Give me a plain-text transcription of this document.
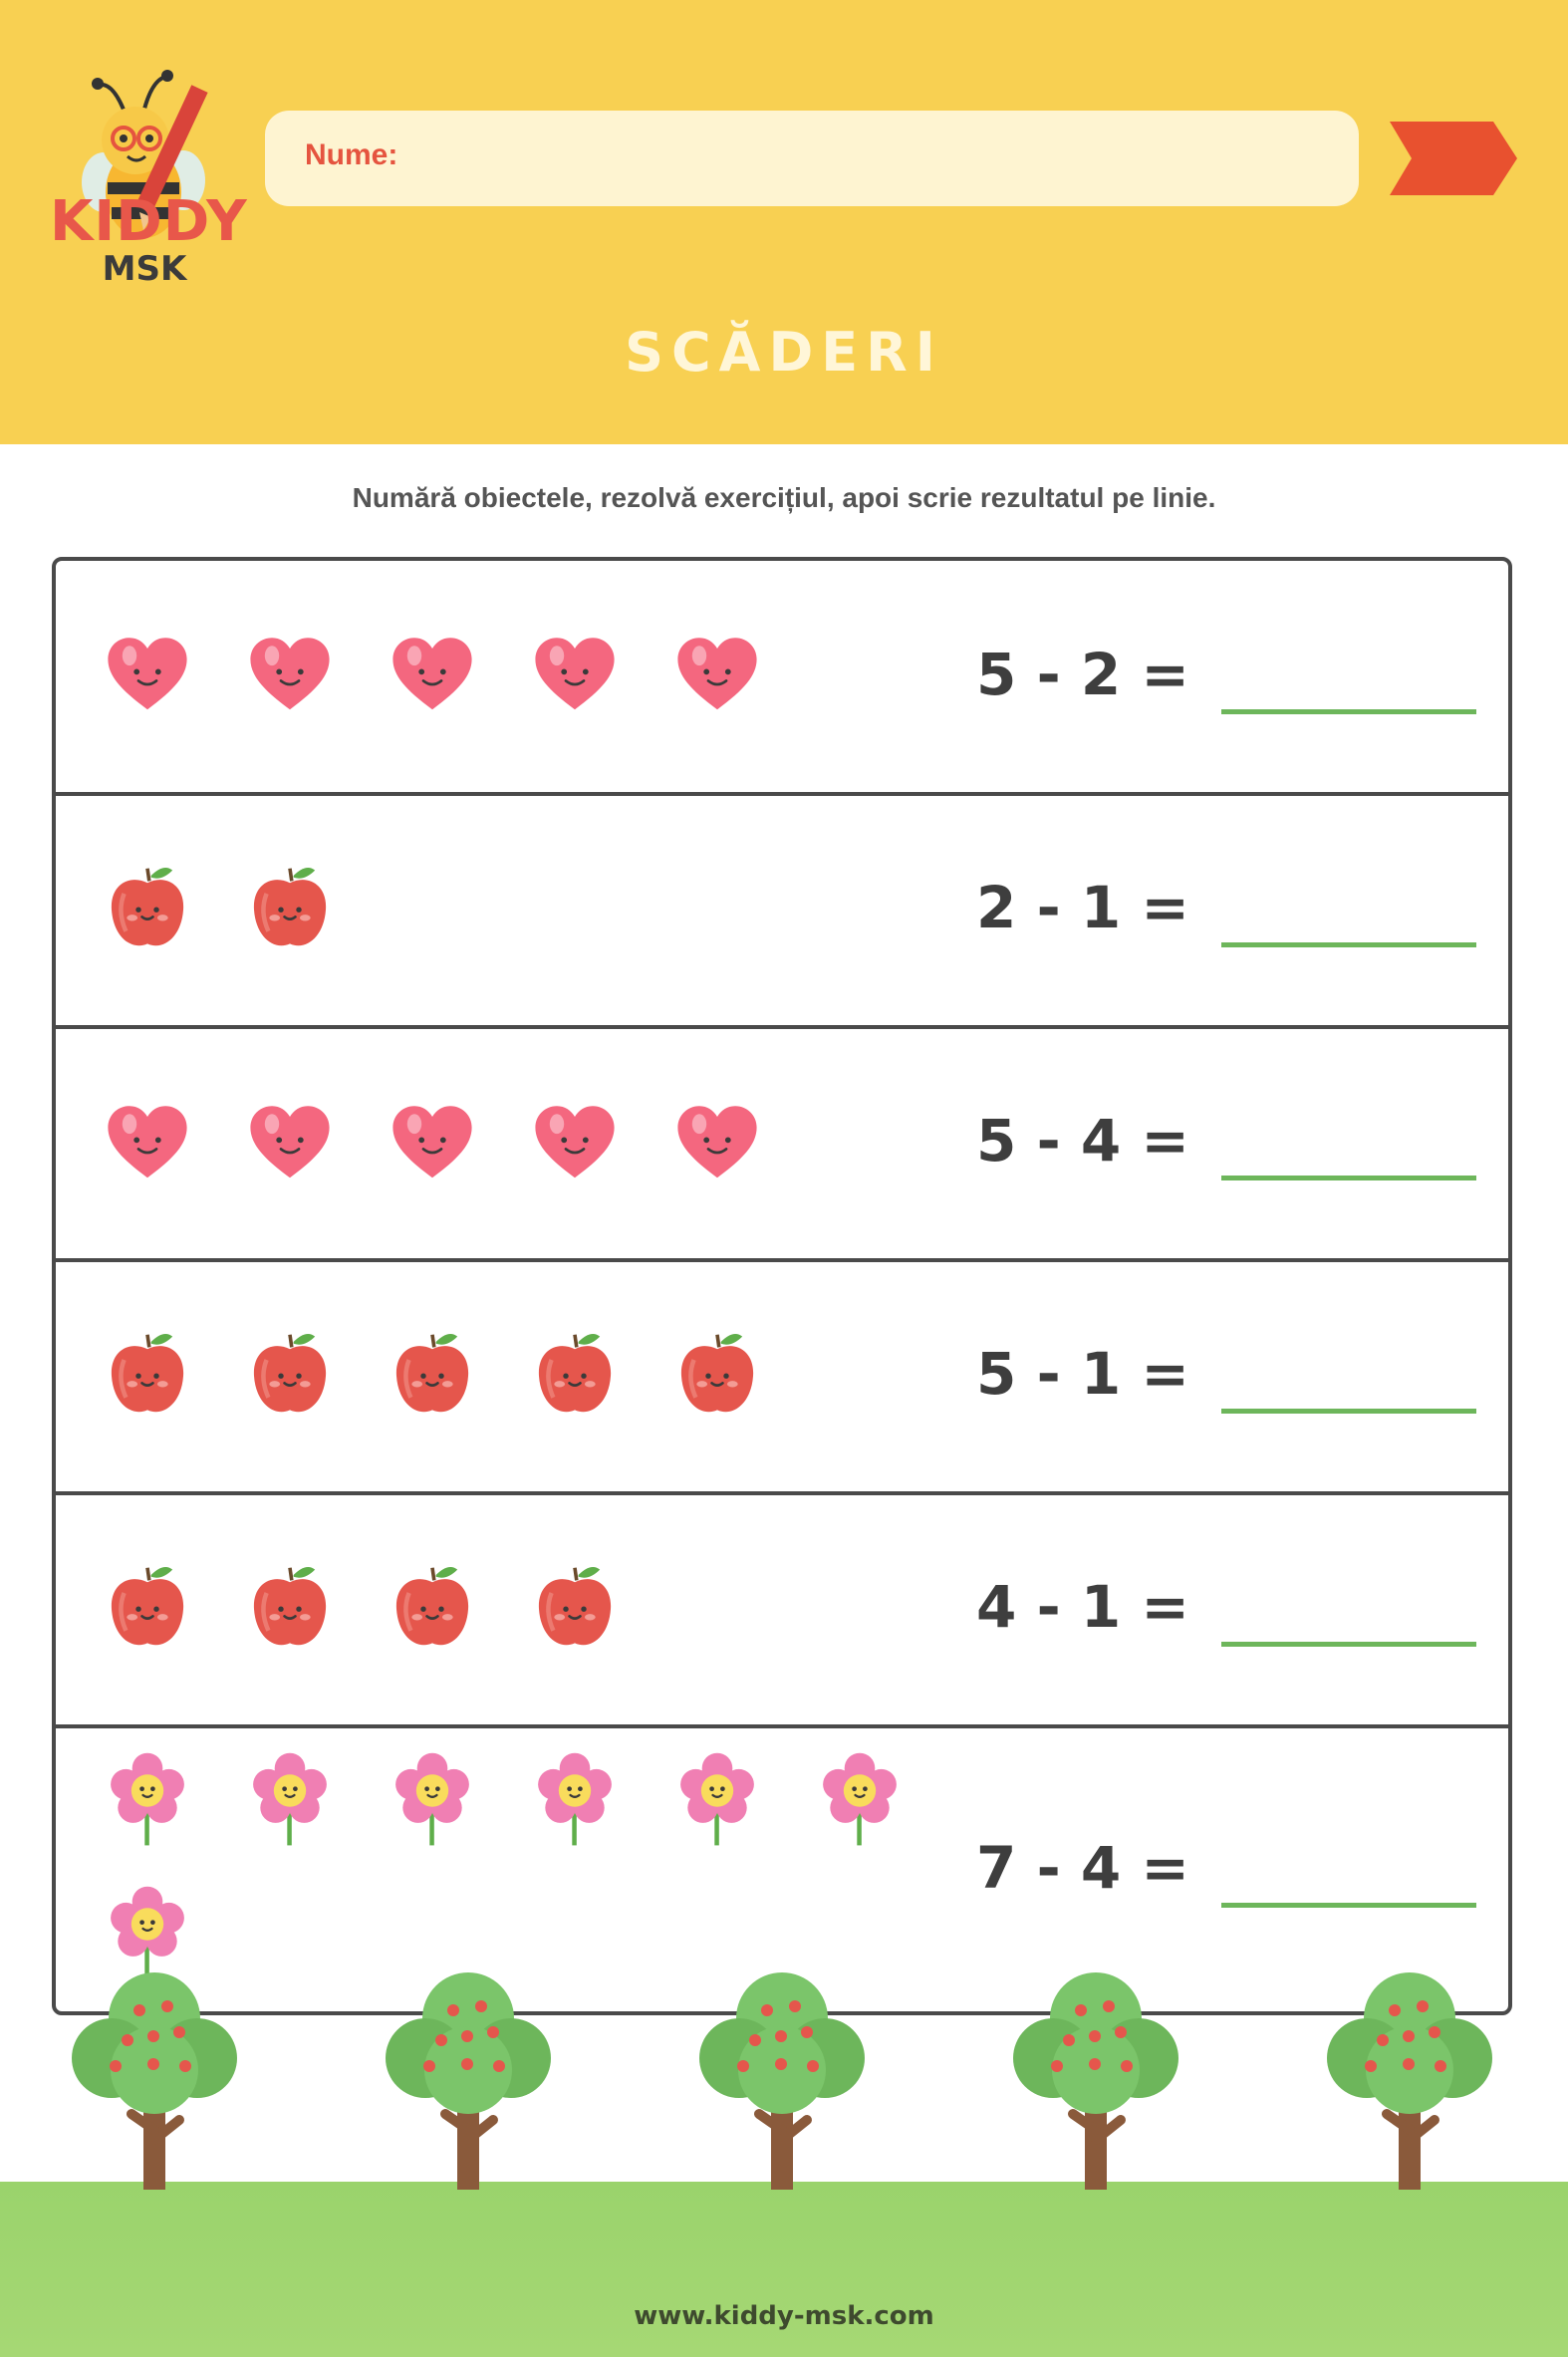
KIDDY
MSK
Nume:
SCĂDERI
Numără obiectele, rezolvă exercițiul, apoi scrie rezultatul pe linie.
5 - 2 =
2 - 1 =
5 - 4 =
5 - 1 =
4 - 1 =
7 - 4 =
www.kiddy-msk.com
